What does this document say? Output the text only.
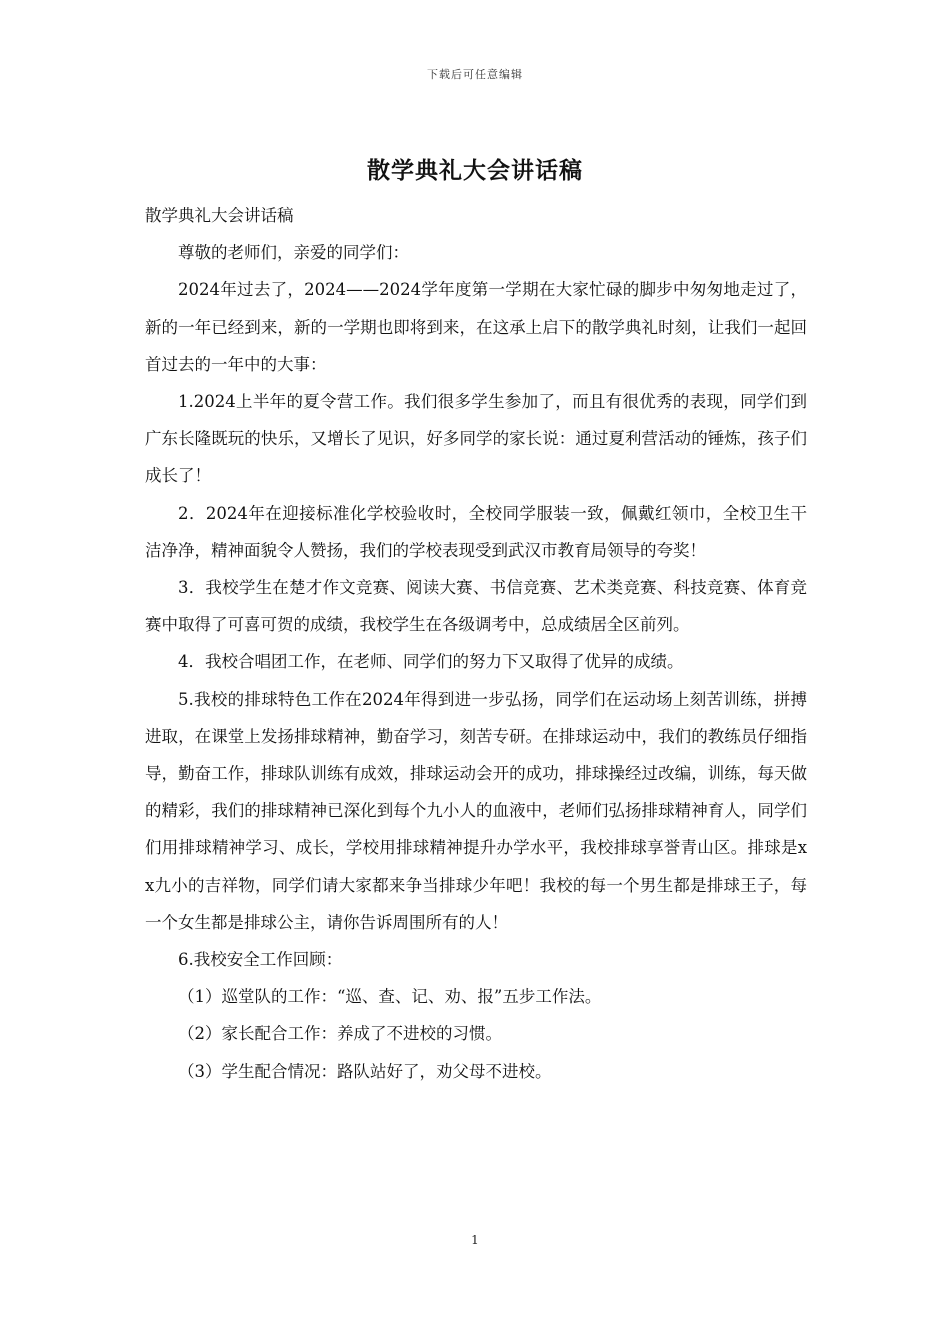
下载后可任意编辑
散学典礼大会讲话稿

散学典礼大会讲话稿

尊敬的老师们，亲爱的同学们：

2024年过去了，2024——2024学年度第一学期在大家忙碌的脚步中匆匆地走过了，新的一年已经到来，新的一学期也即将到来，在这承上启下的散学典礼时刻，让我们一起回首过去的一年中的大事：

1.2024上半年的夏令营工作。我们很多学生参加了，而且有很优秀的表现，同学们到广东长隆既玩的快乐，又增长了见识，好多同学的家长说：通过夏利营活动的锤炼，孩子们成长了！

2．2024年在迎接标准化学校验收时，全校同学服装一致，佩戴红领巾，全校卫生干洁净净，精神面貌令人赞扬，我们的学校表现受到武汉市教育局领导的夸奖！

3．我校学生在楚才作文竞赛、阅读大赛、书信竞赛、艺术类竞赛、科技竞赛、体育竞赛中取得了可喜可贺的成绩，我校学生在各级调考中，总成绩居全区前列。

4．我校合唱团工作，在老师、同学们的努力下又取得了优异的成绩。

5.我校的排球特色工作在2024年得到进一步弘扬，同学们在运动场上刻苦训练，拼搏进取，在课堂上发扬排球精神，勤奋学习，刻苦专研。在排球运动中，我们的教练员仔细指导，勤奋工作，排球队训练有成效，排球运动会开的成功，排球操经过改编，训练，每天做的精彩，我们的排球精神已深化到每个九小人的血液中，老师们弘扬排球精神育人，同学们们用排球精神学习、成长，学校用排球精神提升办学水平，我校排球享誉青山区。排球是xx九小的吉祥物，同学们请大家都来争当排球少年吧！我校的每一个男生都是排球王子，每一个女生都是排球公主，请你告诉周围所有的人！

6.我校安全工作回顾：

（1）巡堂队的工作：“巡、查、记、劝、报”五步工作法。

（2）家长配合工作：养成了不进校的习惯。

（3）学生配合情况：路队站好了，劝父母不进校。

1
